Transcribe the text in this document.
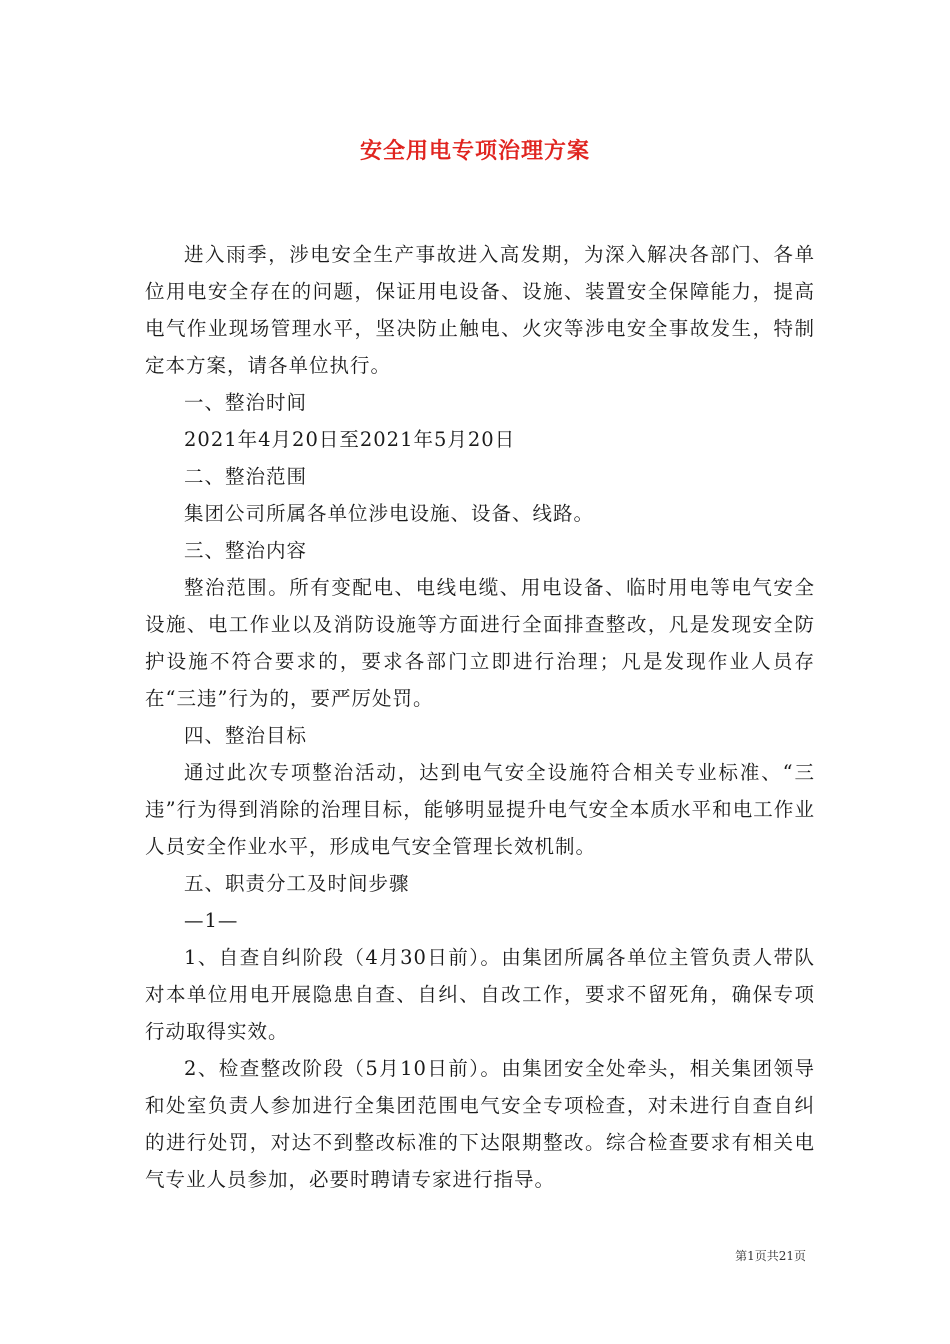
安全用电专项治理方案

进入雨季，涉电安全生产事故进入高发期，为深入解决各部门、各单位用电安全存在的问题，保证用电设备、设施、装置安全保障能力，提高电气作业现场管理水平，坚决防止触电、火灾等涉电安全事故发生，特制定本方案，请各单位执行。

一、整治时间

2021年4月20日至2021年5月20日

二、整治范围

集团公司所属各单位涉电设施、设备、线路。

三、整治内容

整治范围。所有变配电、电线电缆、用电设备、临时用电等电气安全设施、电工作业以及消防设施等方面进行全面排查整改，凡是发现安全防护设施不符合要求的，要求各部门立即进行治理；凡是发现作业人员存在“三违”行为的，要严厉处罚。

四、整治目标

通过此次专项整治活动，达到电气安全设施符合相关专业标准、“三违”行为得到消除的治理目标，能够明显提升电气安全本质水平和电工作业人员安全作业水平，形成电气安全管理长效机制。

五、职责分工及时间步骤

—1—

1、自查自纠阶段（4月30日前）。由集团所属各单位主管负责人带队对本单位用电开展隐患自查、自纠、自改工作，要求不留死角，确保专项行动取得实效。

2、检查整改阶段（5月10日前）。由集团安全处牵头，相关集团领导和处室负责人参加进行全集团范围电气安全专项检查，对未进行自查自纠的进行处罚，对达不到整改标准的下达限期整改。综合检查要求有相关电气专业人员参加，必要时聘请专家进行指导。

第1页共21页
